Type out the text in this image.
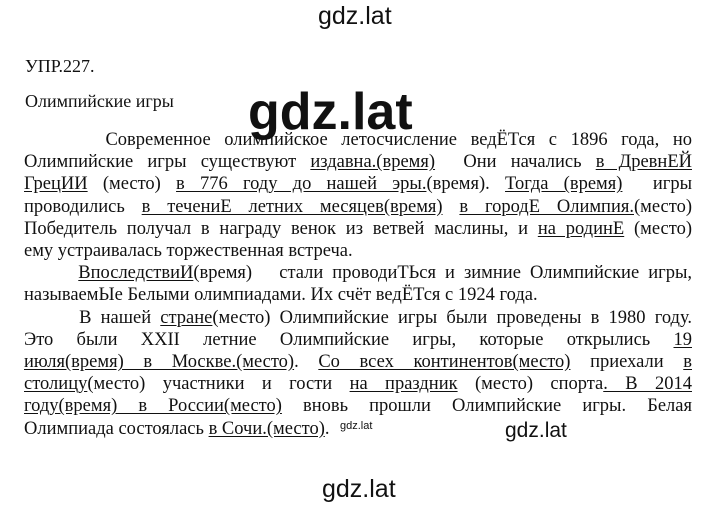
gdz.lat
gdz.lat
gdz.lat	gdz.lat
gdz.lat
УПР.227.
Олимпийские игры
Современное олимпийское летосчисление ведЁТся с 1896 года, но
Олимпийские игры существуют издавна.(время)  Они начались в ДревнЕЙ
ГрецИИ (место) в 776 году до нашей эры.(время). Тогда (время)  игры
проводились в течениЕ летних месяцев(время) в городЕ Олимпия.(место)
Победитель получал в награду венок из ветвей маслины, и на родинЕ (место)
ему устраивалась торжественная встреча.
ВпоследствиИ(время)   стали проводиТЬся и зимние Олимпийские игры,
называемЫе Белыми олимпиадами. Их счёт ведЁТся с 1924 года.
В нашей стране(место) Олимпийские игры были проведены в 1980 году.
Это были XXII летние Олимпийские игры, которые открылись 19
июля(время) в Москве.(место). Со всех континентов(место) приехали в
столицу(место) участники и гости на праздник (место) спорта. В 2014
году(время) в России(место) вновь прошли Олимпийские игры. Белая
Олимпиада состоялась в Сочи.(место).
